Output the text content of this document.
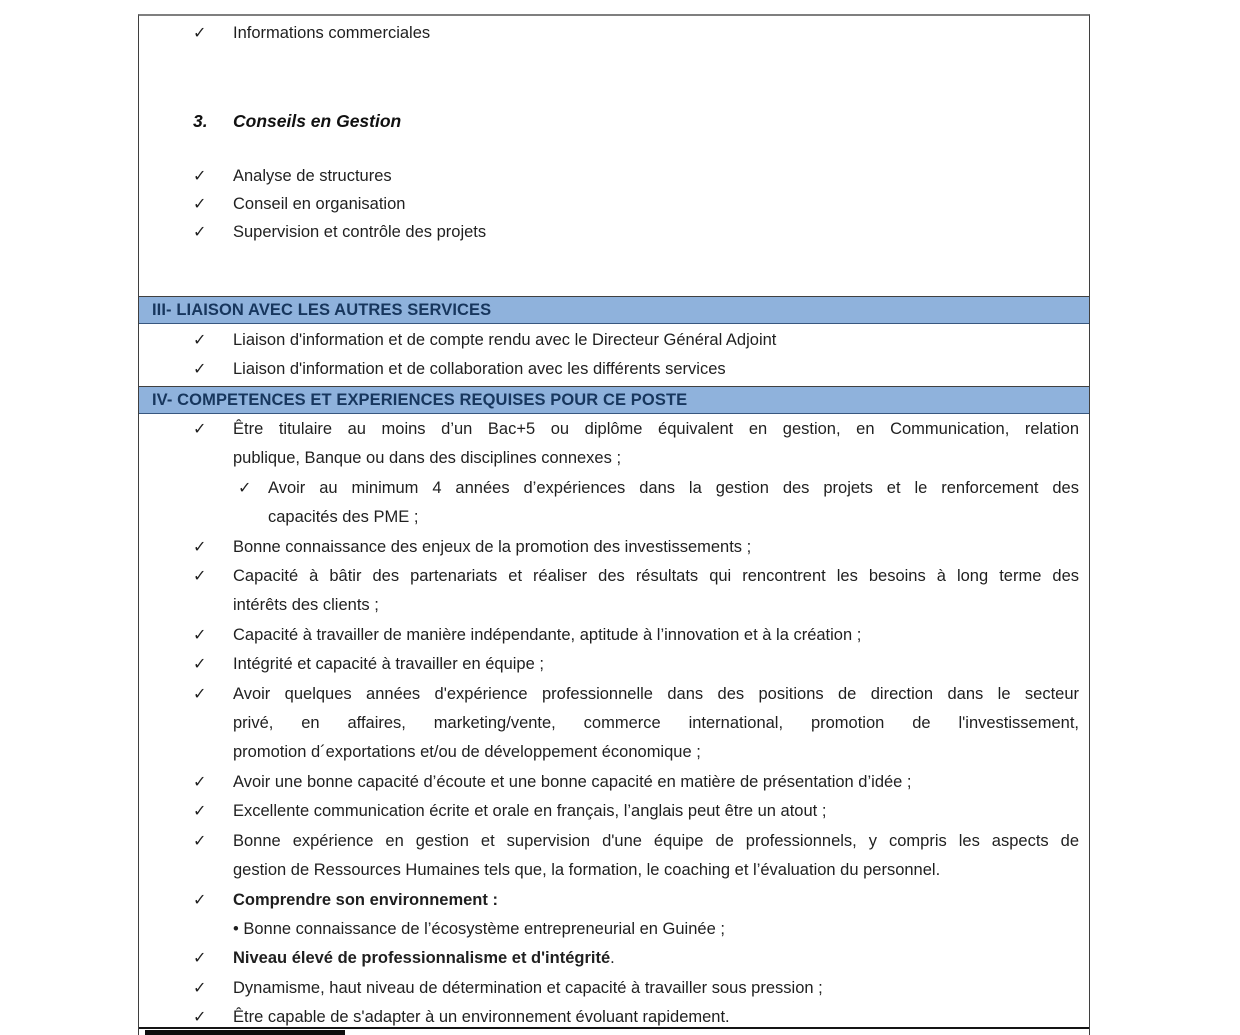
✓	Informations commerciales
3. Conseils en Gestion
✓	Analyse de structures
✓	Conseil en organisation
✓	Supervision et contrôle des projets
III- LIAISON AVEC LES AUTRES SERVICES
✓	Liaison d'information et de compte rendu avec le Directeur Général Adjoint
✓	Liaison d'information et de collaboration avec les différents services
IV- COMPETENCES ET EXPERIENCES REQUISES POUR CE POSTE
✓	Être titulaire au moins d’un Bac+5 ou diplôme équivalent en gestion, en Communication, relation
publique, Banque ou dans des disciplines connexes ;
✓	Avoir au minimum 4 années d’expériences dans la gestion des projets et le renforcement des
capacités des PME ;
✓	Bonne connaissance des enjeux de la promotion des investissements ;
✓	Capacité à bâtir des partenariats et réaliser des résultats qui rencontrent les besoins à long terme des
intérêts des clients ;
✓	Capacité à travailler de manière indépendante, aptitude à l’innovation et à la création ;
✓	Intégrité et capacité à travailler en équipe ;
✓	Avoir quelques années d'expérience professionnelle dans des positions de direction dans le secteur
privé, en affaires, marketing/vente, commerce international, promotion de l'investissement,
promotion d´exportations et/ou de développement économique ;
✓	Avoir une bonne capacité d’écoute et une bonne capacité en matière de présentation d’idée ;
✓	Excellente communication écrite et orale en français, l’anglais peut être un atout ;
✓	Bonne expérience en gestion et supervision d'une équipe de professionnels, y compris les aspects de
gestion de Ressources Humaines tels que, la formation, le coaching et l’évaluation du personnel.
✓	Comprendre son environnement :
• Bonne connaissance de l’écosystème entrepreneurial en Guinée ;
✓	Niveau élevé de professionnalisme et d'intégrité.
✓	Dynamisme, haut niveau de détermination et capacité à travailler sous pression ;
✓	Être capable de s'adapter à un environnement évoluant rapidement.
